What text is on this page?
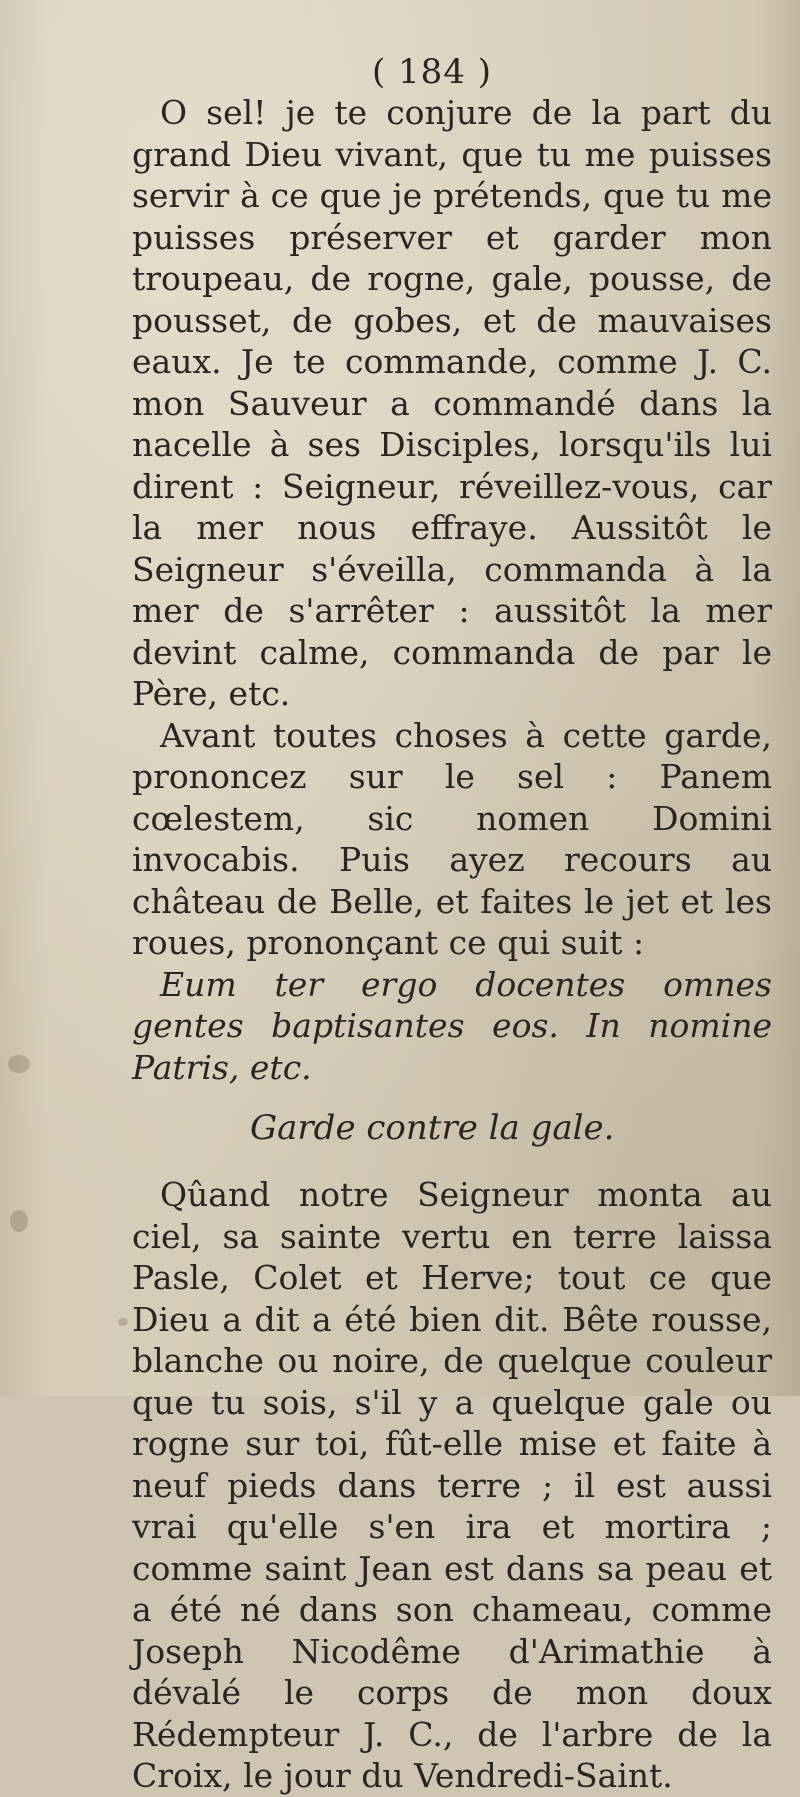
( 184 )

O sel! je te conjure de la part du grand Dieu vivant, que tu me puisses servir à ce que je prétends, que tu me puisses préserver et garder mon troupeau, de rogne, gale, pousse, de pousset, de gobes, et de mauvaises eaux. Je te commande, comme J. C. mon Sauveur a commandé dans la nacelle à ses Disciples, lorsqu'ils lui dirent : Seigneur, réveillez-vous, car la mer nous effraye. Aussitôt le Seigneur s'éveilla, commanda à la mer de s'arrêter : aussitôt la mer devint calme, commanda de par le Père, etc.

Avant toutes choses à cette garde, prononcez sur le sel : Panem cœlestem, sic nomen Domini invocabis. Puis ayez recours au château de Belle, et faites le jet et les roues, prononçant ce qui suit :

Eum ter ergo docentes omnes gentes baptisantes eos. In nomine Patris, etc.

Garde contre la gale.

Qûand notre Seigneur monta au ciel, sa sainte vertu en terre laissa Pasle, Colet et Herve; tout ce que Dieu a dit a été bien dit. Bête rousse, blanche ou noire, de quelque couleur que tu sois, s'il y a quelque gale ou rogne sur toi, fût-elle mise et faite à neuf pieds dans terre ; il est aussi vrai qu'elle s'en ira et mortira ; comme saint Jean est dans sa peau et a été né dans son chameau, comme Joseph Nicodême d'Arimathie à dévalé le corps de mon doux Rédempteur J. C., de l'arbre de la Croix, le jour du Vendredi-Saint.
